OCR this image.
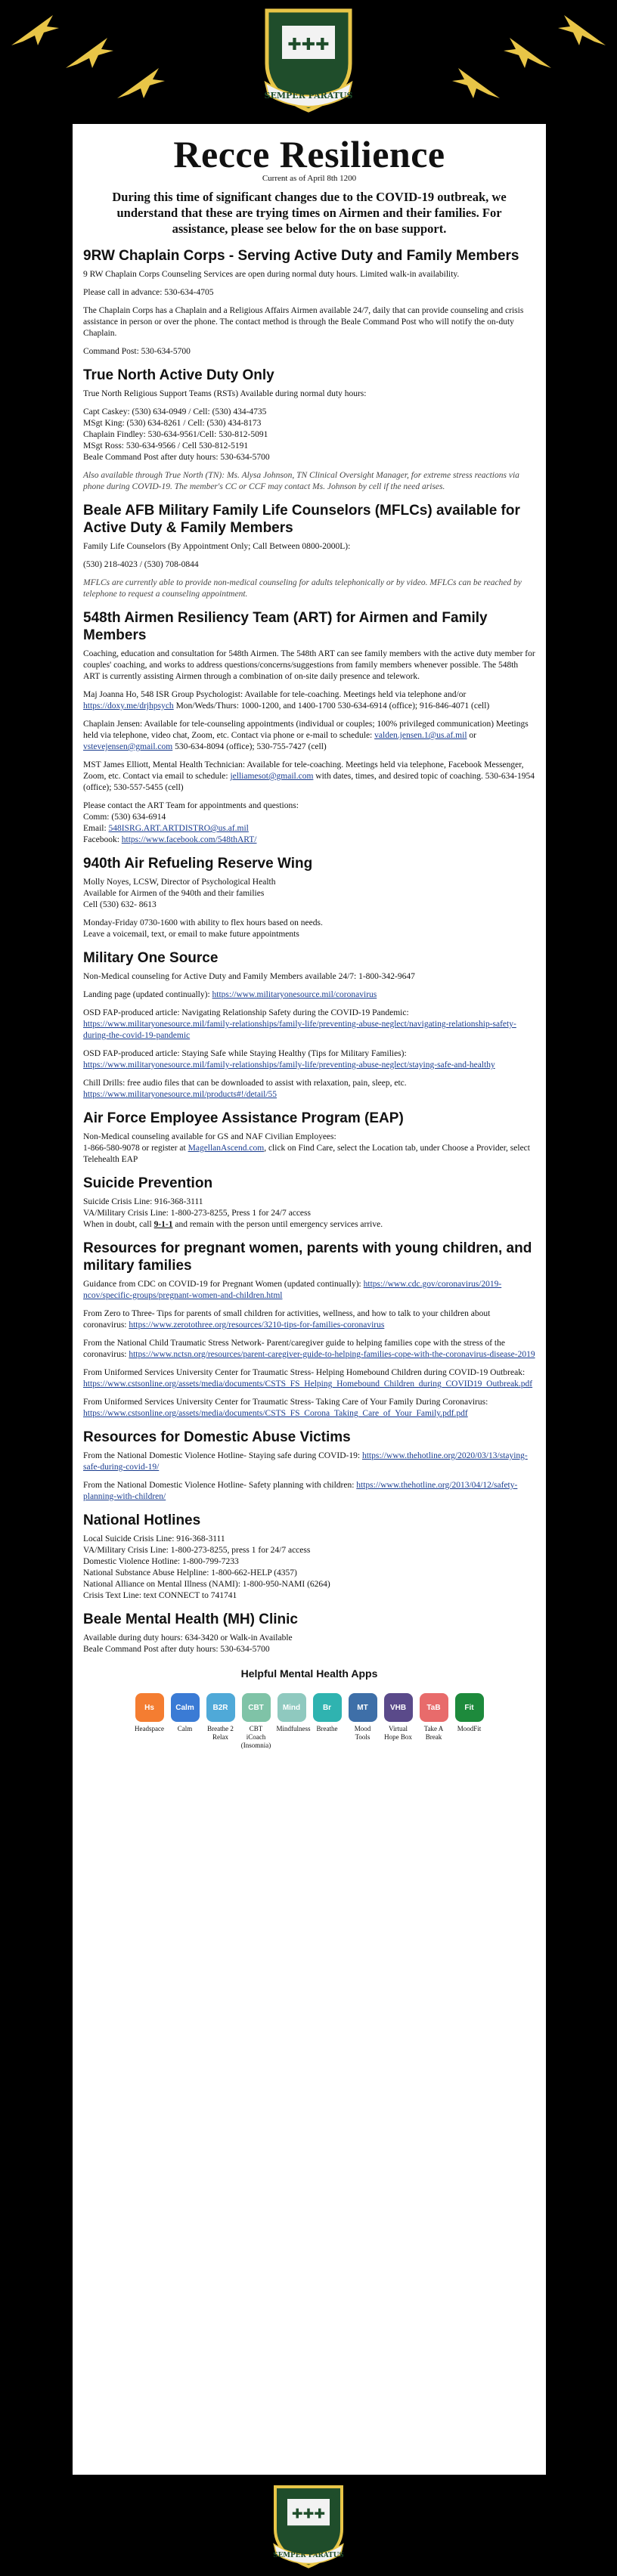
✚✚✚
SEMPER PARATUS
Recce Resilience
Current as of April 8th 1200
During this time of significant changes due to the COVID-19 outbreak, we understand that these are trying times on Airmen and their families. For assistance, please see below for the on base support.
9RW Chaplain Corps - Serving Active Duty and Family Members

9 RW Chaplain Corps Counseling Services are open during normal duty hours. Limited walk-in availability.

Please call in advance: 530-634-4705

The Chaplain Corps has a Chaplain and a Religious Affairs Airmen available 24/7, daily that can provide counseling and crisis assistance in person or over the phone. The contact method is through the Beale Command Post who will notify the on-duty Chaplain.

Command Post: 530-634-5700

True North Active Duty Only

True North Religious Support Teams (RSTs) Available during normal duty hours:

Capt Caskey: (530) 634-0949 / Cell: (530) 434-4735
MSgt King: (530) 634-8261 / Cell: (530) 434-8173
Chaplain Findley: 530-634-9561/Cell: 530-812-5091
MSgt Ross: 530-634-9566 / Cell 530-812-5191
Beale Command Post after duty hours: 530-634-5700

Also available through True North (TN): Ms. Alysa Johnson, TN Clinical Oversight Manager, for extreme stress reactions via phone during COVID-19. The member's CC or CCF may contact Ms. Johnson by cell if the need arises.

Beale AFB Military Family Life Counselors (MFLCs) available for Active Duty & Family Members

Family Life Counselors (By Appointment Only; Call Between 0800-2000L):

(530) 218-4023 / (530) 708-0844

MFLCs are currently able to provide non-medical counseling for adults telephonically or by video. MFLCs can be reached by telephone to request a counseling appointment.

548th Airmen Resiliency Team (ART) for Airmen and Family Members

Coaching, education and consultation for 548th Airmen. The 548th ART can see family members with the active duty member for couples' coaching, and works to address questions/concerns/suggestions from family members whenever possible. The 548th ART is currently assisting Airmen through a combination of on-site daily presence and telework.

Maj Joanna Ho, 548 ISR Group Psychologist: Available for tele-coaching. Meetings held via telephone and/or https://doxy.me/drjhpsych Mon/Weds/Thurs: 1000-1200, and 1400-1700 530-634-6914 (office); 916-846-4071 (cell)

Chaplain Jensen: Available for tele-counseling appointments (individual or couples; 100% privileged communication) Meetings held via telephone, video chat, Zoom, etc. Contact via phone or e-mail to schedule: valden.jensen.1@us.af.mil or vstevejensen@gmail.com 530-634-8094 (office); 530-755-7427 (cell)

MST James Elliott, Mental Health Technician: Available for tele-coaching. Meetings held via telephone, Facebook Messenger, Zoom, etc. Contact via email to schedule: jelliamesot@gmail.com with dates, times, and desired topic of coaching. 530-634-1954 (office); 530-557-5455 (cell)

Please contact the ART Team for appointments and questions:
Comm: (530) 634-6914
Email: 548ISRG.ART.ARTDISTRO@us.af.mil
Facebook: https://www.facebook.com/548thART/

940th Air Refueling Reserve Wing

Molly Noyes, LCSW, Director of Psychological Health
Available for Airmen of the 940th and their families
Cell (530) 632- 8613

Monday-Friday 0730-1600 with ability to flex hours based on needs.
Leave a voicemail, text, or email to make future appointments

Military One Source

Non-Medical counseling for Active Duty and Family Members available 24/7: 1-800-342-9647

Landing page (updated continually): https://www.militaryonesource.mil/coronavirus

OSD FAP-produced article: Navigating Relationship Safety during the COVID-19 Pandemic: https://www.militaryonesource.mil/family-relationships/family-life/preventing-abuse-neglect/navigating-relationship-safety-during-the-covid-19-pandemic

OSD FAP-produced article: Staying Safe while Staying Healthy (Tips for Military Families): https://www.militaryonesource.mil/family-relationships/family-life/preventing-abuse-neglect/staying-safe-and-healthy

Chill Drills: free audio files that can be downloaded to assist with relaxation, pain, sleep, etc. https://www.militaryonesource.mil/products#!/detail/55

Air Force Employee Assistance Program (EAP)

Non-Medical counseling available for GS and NAF Civilian Employees:
1-866-580-9078 or register at MagellanAscend.com, click on Find Care, select the Location tab, under Choose a Provider, select Telehealth EAP

Suicide Prevention

Suicide Crisis Line: 916-368-3111
VA/Military Crisis Line: 1-800-273-8255, Press 1 for 24/7 access
When in doubt, call 9-1-1 and remain with the person until emergency services arrive.

Resources for pregnant women, parents with young children, and military families

Guidance from CDC on COVID-19 for Pregnant Women (updated continually): https://www.cdc.gov/coronavirus/2019-ncov/specific-groups/pregnant-women-and-children.html

From Zero to Three- Tips for parents of small children for activities, wellness, and how to talk to your children about coronavirus: https://www.zerotothree.org/resources/3210-tips-for-families-coronavirus

From the National Child Traumatic Stress Network- Parent/caregiver guide to helping families cope with the stress of the coronavirus: https://www.nctsn.org/resources/parent-caregiver-guide-to-helping-families-cope-with-the-coronavirus-disease-2019

From Uniformed Services University Center for Traumatic Stress- Helping Homebound Children during COVID-19 Outbreak: https://www.cstsonline.org/assets/media/documents/CSTS_FS_Helping_Homebound_Children_during_COVID19_Outbreak.pdf

From Uniformed Services University Center for Traumatic Stress- Taking Care of Your Family During Coronavirus: https://www.cstsonline.org/assets/media/documents/CSTS_FS_Corona_Taking_Care_of_Your_Family.pdf.pdf

Resources for Domestic Abuse Victims

From the National Domestic Violence Hotline- Staying safe during COVID-19: https://www.thehotline.org/2020/03/13/staying-safe-during-covid-19/

From the National Domestic Violence Hotline- Safety planning with children: https://www.thehotline.org/2013/04/12/safety-planning-with-children/

National Hotlines

Local Suicide Crisis Line: 916-368-3111
VA/Military Crisis Line: 1-800-273-8255, press 1 for 24/7 access
Domestic Violence Hotline: 1-800-799-7233
National Substance Abuse Helpline: 1-800-662-HELP (4357)
National Alliance on Mental Illness (NAMI): 1-800-950-NAMI (6264)
Crisis Text Line: text CONNECT to 741741

Beale Mental Health (MH) Clinic

Available during duty hours: 634-3420 or Walk-in Available
Beale Command Post after duty hours: 530-634-5700

Helpful Mental Health Apps
Hs
Headspace
Calm
Calm
B2R
Breathe 2 Relax
CBT
CBT iCoach (Insomnia)
Mind
Mindfulness
Br
Breathe
MT
Mood Tools
VHB
Virtual Hope Box
TaB
Take A Break
Fit
MoodFit
✚✚✚
SEMPER PARATUS
